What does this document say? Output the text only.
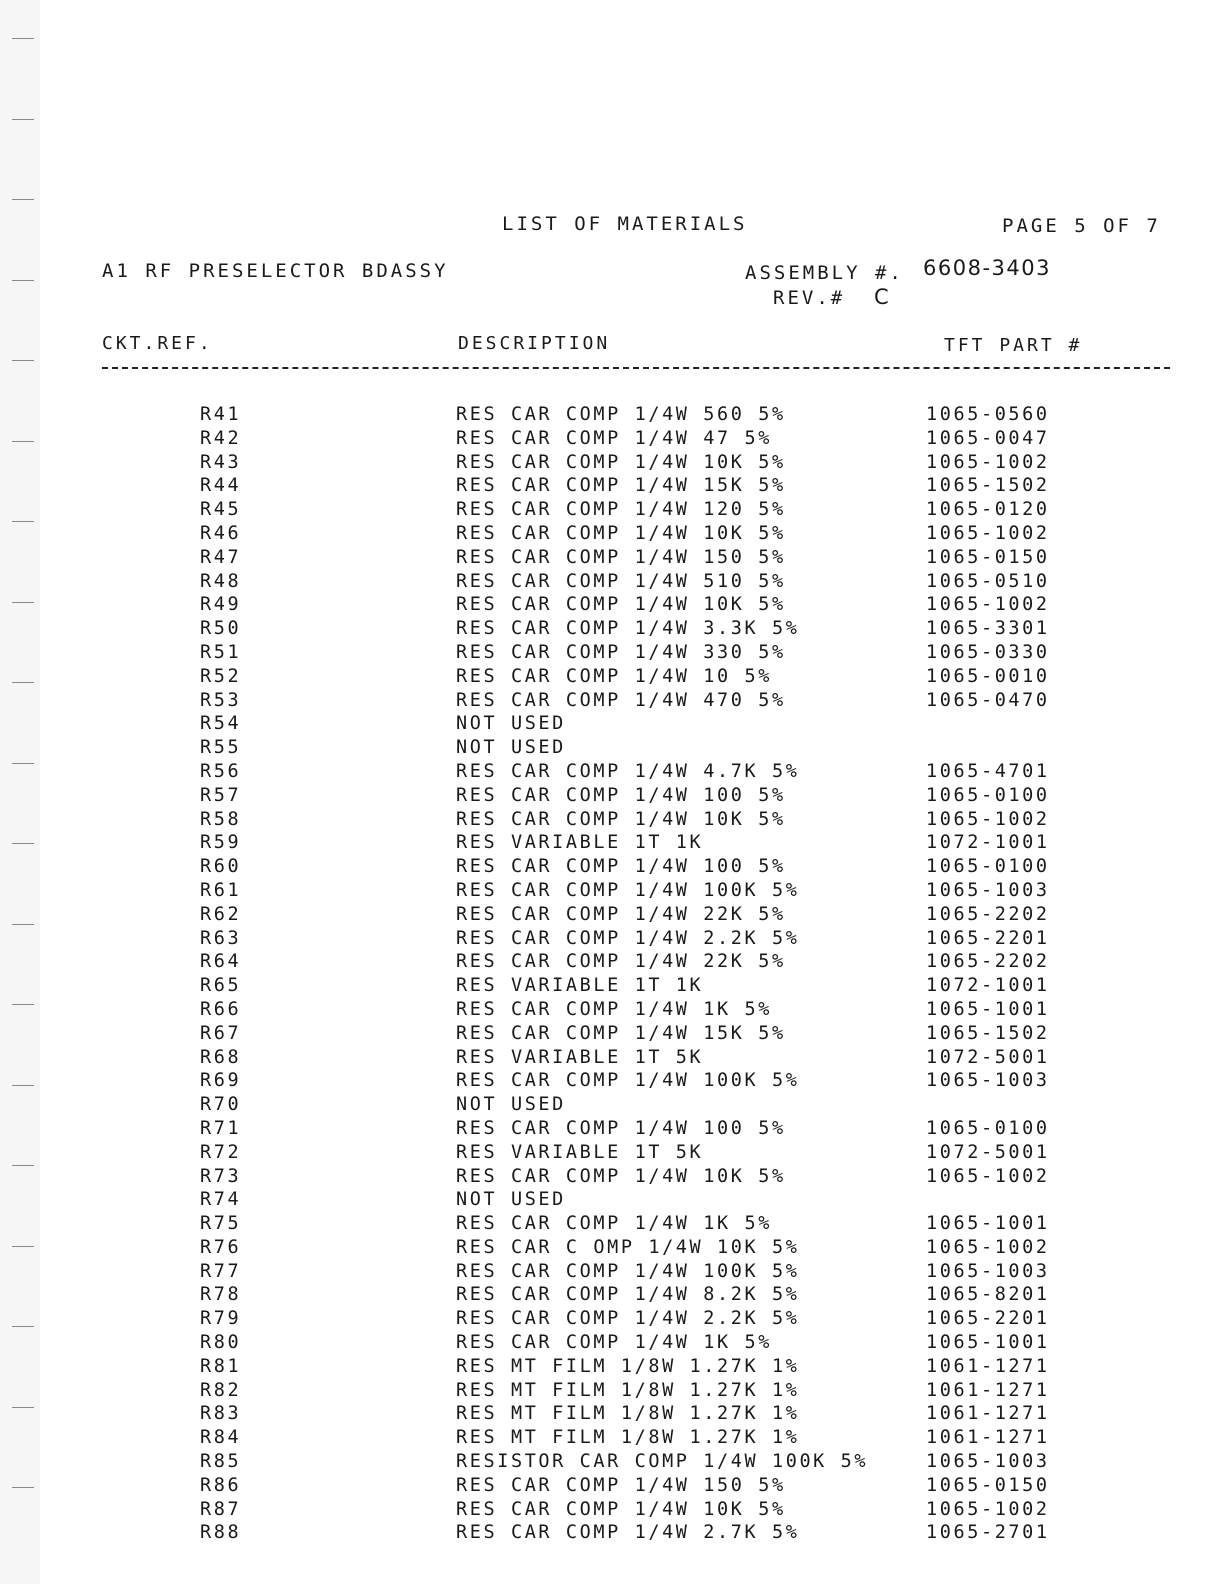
LIST OF MATERIALS	PAGE 5 OF 7
A1 RF PRESELECTOR BDASSY	ASSEMBLY #. 6608-3403
REV.# C
CKT.REF.	DESCRIPTION	TFT PART #
R41	RES CAR COMP 1/4W 560 5%	1065-0560
R42	RES CAR COMP 1/4W 47 5%	1065-0047
R43	RES CAR COMP 1/4W 10K 5%	1065-1002
R44	RES CAR COMP 1/4W 15K 5%	1065-1502
R45	RES CAR COMP 1/4W 120 5%	1065-0120
R46	RES CAR COMP 1/4W 10K 5%	1065-1002
R47	RES CAR COMP 1/4W 150 5%	1065-0150
R48	RES CAR COMP 1/4W 510 5%	1065-0510
R49	RES CAR COMP 1/4W 10K 5%	1065-1002
R50	RES CAR COMP 1/4W 3.3K 5%	1065-3301
R51	RES CAR COMP 1/4W 330 5%	1065-0330
R52	RES CAR COMP 1/4W 10 5%	1065-0010
R53	RES CAR COMP 1/4W 470 5%	1065-0470
R54	NOT USED
R55	NOT USED
R56	RES CAR COMP 1/4W 4.7K 5%	1065-4701
R57	RES CAR COMP 1/4W 100 5%	1065-0100
R58	RES CAR COMP 1/4W 10K 5%	1065-1002
R59	RES VARIABLE 1T 1K	1072-1001
R60	RES CAR COMP 1/4W 100 5%	1065-0100
R61	RES CAR COMP 1/4W 100K 5%	1065-1003
R62	RES CAR COMP 1/4W 22K 5%	1065-2202
R63	RES CAR COMP 1/4W 2.2K 5%	1065-2201
R64	RES CAR COMP 1/4W 22K 5%	1065-2202
R65	RES VARIABLE 1T 1K	1072-1001
R66	RES CAR COMP 1/4W 1K 5%	1065-1001
R67	RES CAR COMP 1/4W 15K 5%	1065-1502
R68	RES VARIABLE 1T 5K	1072-5001
R69	RES CAR COMP 1/4W 100K 5%	1065-1003
R70	NOT USED
R71	RES CAR COMP 1/4W 100 5%	1065-0100
R72	RES VARIABLE 1T 5K	1072-5001
R73	RES CAR COMP 1/4W 10K 5%	1065-1002
R74	NOT USED
R75	RES CAR COMP 1/4W 1K 5%	1065-1001
R76	RES CAR C OMP 1/4W 10K 5%	1065-1002
R77	RES CAR COMP 1/4W 100K 5%	1065-1003
R78	RES CAR COMP 1/4W 8.2K 5%	1065-8201
R79	RES CAR COMP 1/4W 2.2K 5%	1065-2201
R80	RES CAR COMP 1/4W 1K 5%	1065-1001
R81	RES MT FILM 1/8W 1.27K 1%	1061-1271
R82	RES MT FILM 1/8W 1.27K 1%	1061-1271
R83	RES MT FILM 1/8W 1.27K 1%	1061-1271
R84	RES MT FILM 1/8W 1.27K 1%	1061-1271
R85	RESISTOR CAR COMP 1/4W 100K 5%	1065-1003
R86	RES CAR COMP 1/4W 150 5%	1065-0150
R87	RES CAR COMP 1/4W 10K 5%	1065-1002
R88	RES CAR COMP 1/4W 2.7K 5%	1065-2701
